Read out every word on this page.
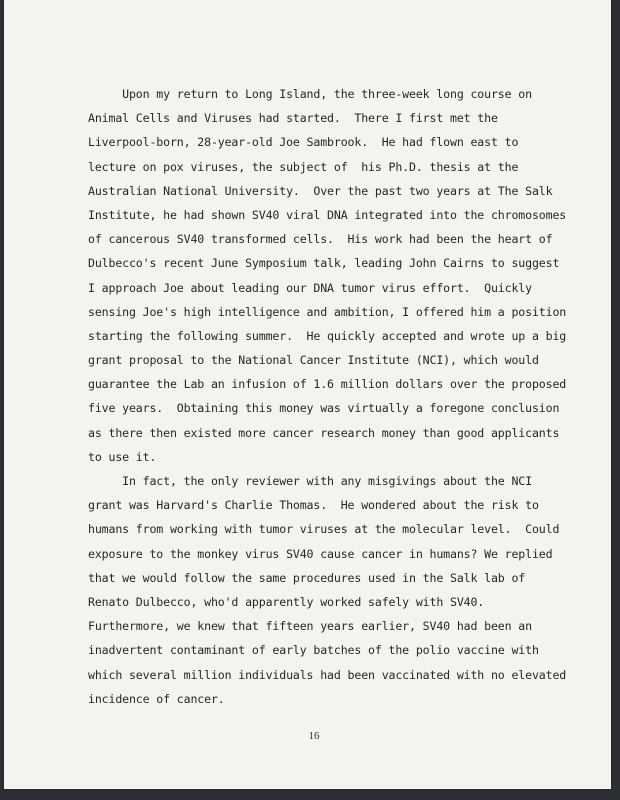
Upon my return to Long Island, the three-week long course on
Animal Cells and Viruses had started.  There I first met the
Liverpool-born, 28-year-old Joe Sambrook.  He had flown east to
lecture on pox viruses, the subject of  his Ph.D. thesis at the
Australian National University.  Over the past two years at The Salk
Institute, he had shown SV40 viral DNA integrated into the chromosomes
of cancerous SV40 transformed cells.  His work had been the heart of
Dulbecco's recent June Symposium talk, leading John Cairns to suggest
I approach Joe about leading our DNA tumor virus effort.  Quickly
sensing Joe's high intelligence and ambition, I offered him a position
starting the following summer.  He quickly accepted and wrote up a big
grant proposal to the National Cancer Institute (NCI), which would
guarantee the Lab an infusion of 1.6 million dollars over the proposed
five years.  Obtaining this money was virtually a foregone conclusion
as there then existed more cancer research money than good applicants
to use it.
In fact, the only reviewer with any misgivings about the NCI
grant was Harvard's Charlie Thomas.  He wondered about the risk to
humans from working with tumor viruses at the molecular level.  Could
exposure to the monkey virus SV40 cause cancer in humans? We replied
that we would follow the same procedures used in the Salk lab of
Renato Dulbecco, who'd apparently worked safely with SV40.
Furthermore, we knew that fifteen years earlier, SV40 had been an
inadvertent contaminant of early batches of the polio vaccine with
which several million individuals had been vaccinated with no elevated
incidence of cancer.
16
